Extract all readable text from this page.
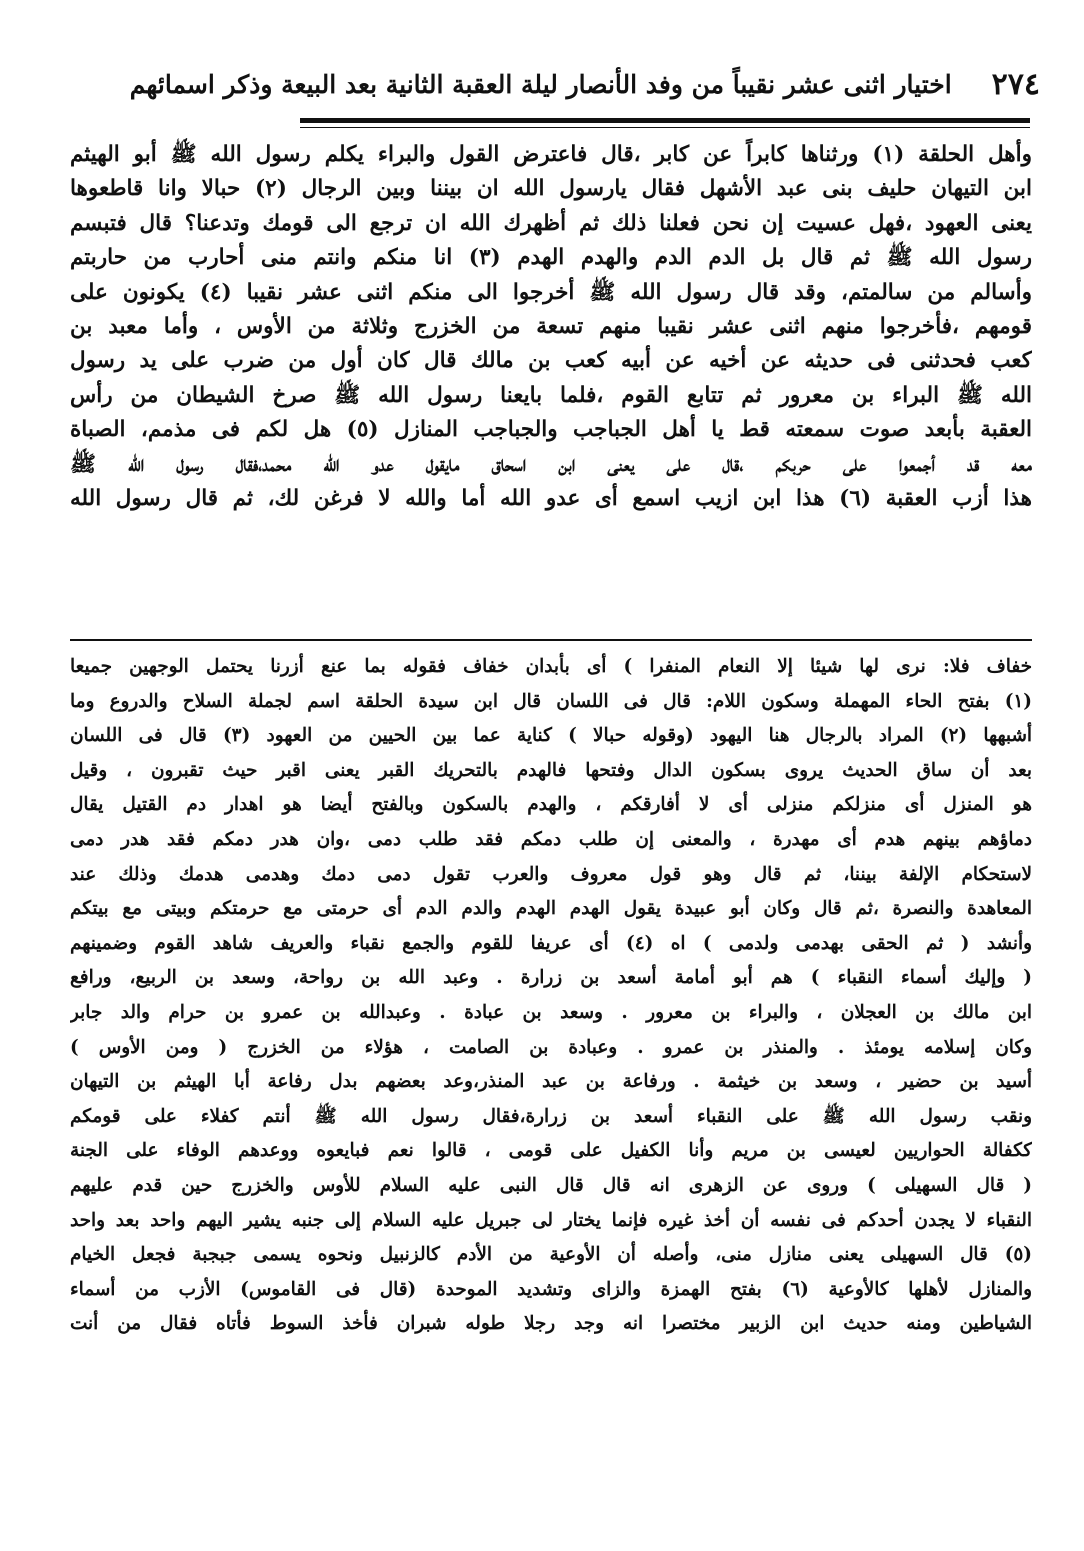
٢٧٤
اختيار اثنى عشر نقيباً من وفد الأنصار ليلة العقبة الثانية بعد البيعة وذكر اسمائهم
وأهل الحلقة (١) ورثناها كابراً عن كابر ،قال فاعترض القول والبراء يكلم رسول الله ﷺ أبو الهيثم
ابن التيهان حليف بنى عبد الأشهل فقال يارسول الله ان بيننا وبين الرجال (٢) حبالا وانا قاطعوها
يعنى العهود ،فهل عسيت إن نحن فعلنا ذلك ثم أظهرك الله ان ترجع الى قومك وتدعنا؟ قال فتبسم
رسول الله ﷺ ثم قال بل الدم الدم والهدم الهدم (٣) انا منكم وانتم منى أحارب من حاربتم
وأسالم من سالمتم، وقد قال رسول الله ﷺ أخرجوا الى منكم اثنى عشر نقيبا (٤) يكونون على
قومهم ،فأخرجوا منهم اثنى عشر نقيبا منهم تسعة من الخزرج وثلاثة من الأوس ، وأما معبد بن
كعب فحدثنى فى حديثه عن أخيه عن أبيه كعب بن مالك قال كان أول من ضرب على يد رسول
الله ﷺ البراء بن معرور ثم تتابع القوم ،فلما بايعنا رسول الله ﷺ صرخ الشيطان من رأس
العقبة بأبعد صوت سمعته قط يا أهل الجباجب والجباجب المنازل (٥) هل لكم فى مذمم، الصباة
معه قد أجمعوا على حربكم ،قال على يعنى ابن اسحاق مايقول عدو الله محمد،فقال رسول الله ﷺ
هذا أزب العقبة (٦) هذا ابن ازيب اسمع أى عدو الله أما والله لا فرغن لك، ثم قال رسول الله
خفاف فلا: نرى لها شيئا إلا النعام المنفرا ) أى بأبدان خفاف فقوله بما عنع أزرنا يحتمل الوجهين جميعا
(١) بفتح الحاء المهملة وسكون اللام: قال فى اللسان قال ابن سيدة الحلقة اسم لجملة السلاح والدروع وما
أشبهها (٢) المراد بالرجال هنا اليهود (وقوله حبالا ) كناية عما بين الحيين من العهود (٣) قال فى اللسان
بعد أن ساق الحديث يروى بسكون الدال وفتحها فالهدم بالتحريك القبر يعنى اقبر حيث تقبرون ، وقيل
هو المنزل أى منزلكم منزلى أى لا أفارقكم ، والهدم بالسكون وبالفتح أيضا هو اهدار دم القتيل يقال
دماؤهم بينهم هدم أى مهدرة ، والمعنى إن طلب دمكم فقد طلب دمى ،وان هدر دمكم فقد هدر دمى
لاستحكام الإلفة بيننا، ثم قال وهو قول معروف والعرب تقول دمى دمك وهدمى هدمك وذلك عند
المعاهدة والنصرة ،ثم قال وكان أبو عبيدة يقول الهدم الهدم والدم الدم أى حرمتى مع حرمتكم وبيتى مع بيتكم
وأنشد ( ثم الحقى بهدمى ولدمى ) اه (٤) أى عريفا للقوم والجمع نقباء والعريف شاهد القوم وضمينهم
( وإليك أسماء النقباء ) هم أبو أمامة أسعد بن زرارة . وعبد الله بن رواحة، وسعد بن الربيع، ورافع
ابن مالك بن العجلان ، والبراء بن معرور . وسعد بن عبادة . وعبدالله بن عمرو بن حرام والد جابر
وكان إسلامه يومئذ . والمنذر بن عمرو . وعبادة بن الصامت ، هؤلاء من الخزرج ( ومن الأوس )
أسيد بن حضير ، وسعد بن خيثمة . ورفاعة بن عبد المنذر،وعد بعضهم بدل رفاعة أبا الهيثم بن التيهان
ونقب رسول الله ﷺ على النقباء أسعد بن زرارة،فقال رسول الله ﷺ أنتم كفلاء على قومكم
ككفالة الحواريين لعيسى بن مريم وأنا الكفيل على قومى ، قالوا نعم فبايعوه ووعدهم الوفاء على الجنة
( قال السهيلى ) وروى عن الزهرى انه قال قال النبى عليه السلام للأوس والخزرج حين قدم عليهم
النقباء لا يجدن أحدكم فى نفسه أن أخذ غيره فإنما يختار لى جبريل عليه السلام إلى جنبه يشير اليهم واحد بعد واحد
(٥) قال السهيلى يعنى منازل منى، وأصله أن الأوعية من الأدم كالزنبيل ونحوه يسمى جبجبة فجعل الخيام
والمنازل لأهلها كالأوعية (٦) بفتح الهمزة والزاى وتشديد الموحدة (قال فى القاموس) الأزب من أسماء
الشياطين ومنه حديث ابن الزبير مختصرا انه وجد رجلا طوله شبران فأخذ السوط فأتاه فقال من أنت
